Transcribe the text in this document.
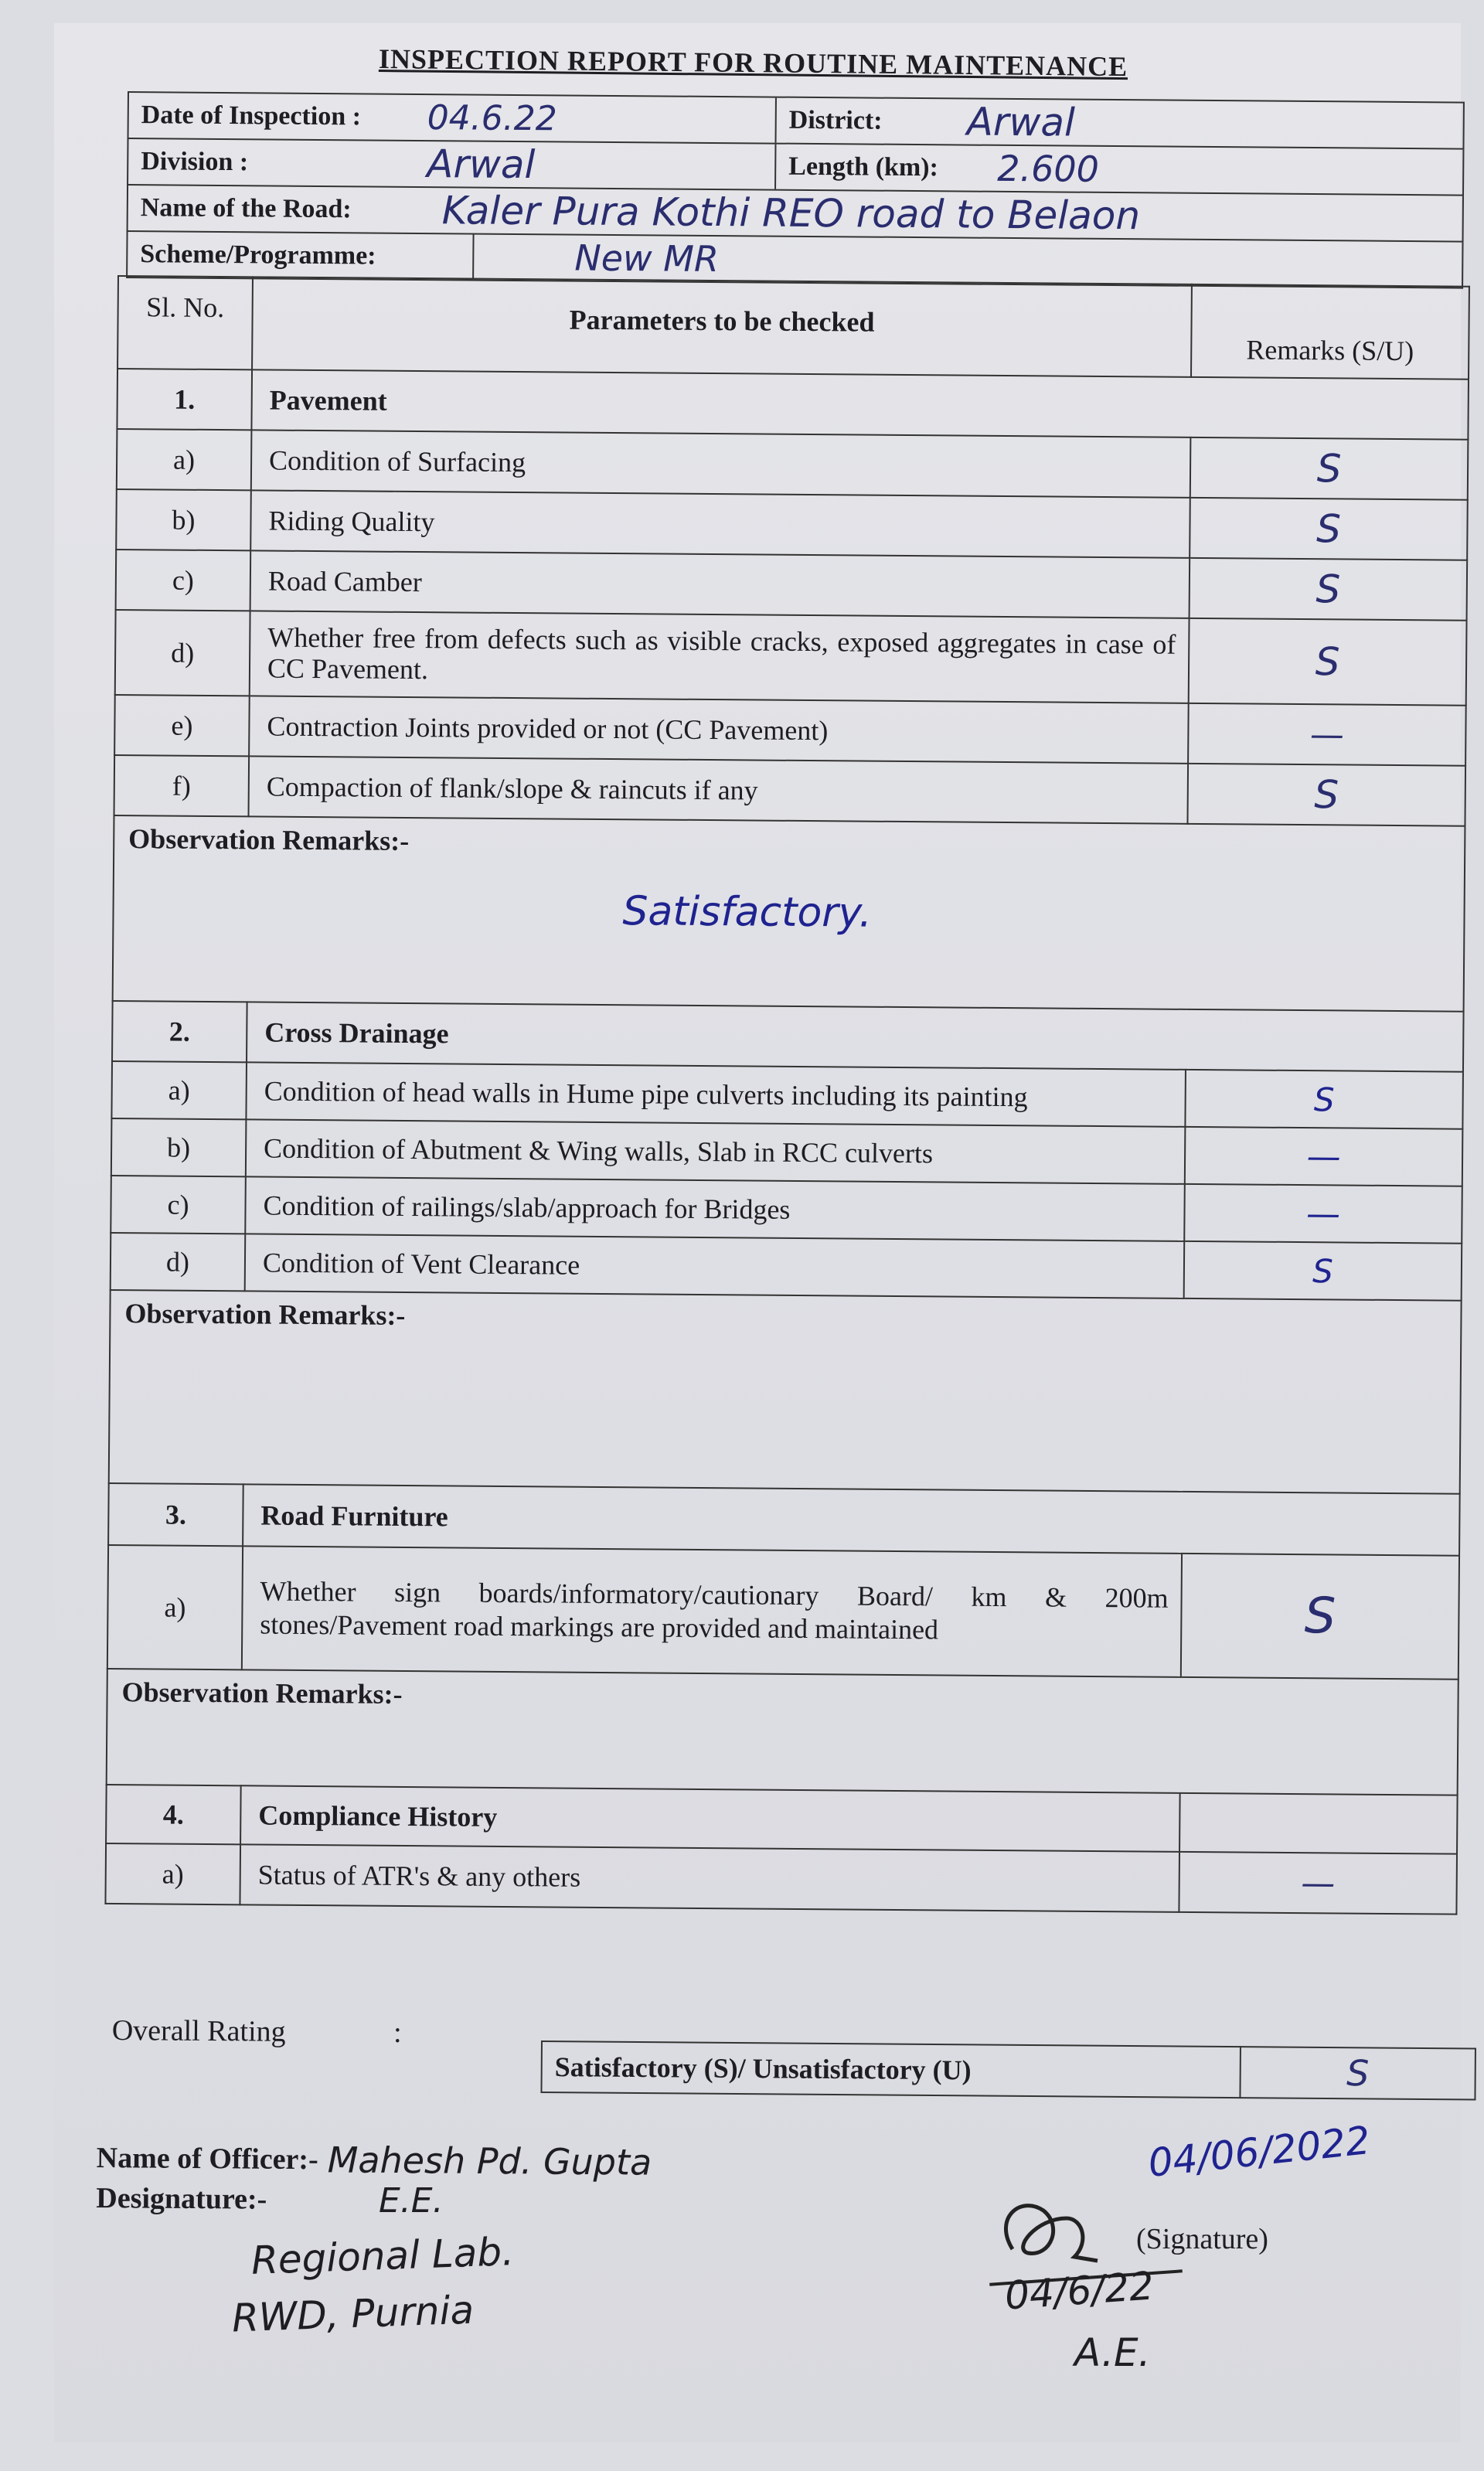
INSPECTION REPORT FOR ROUTINE MAINTENANCE
Date of Inspection :	04.6.22	District:	Arwal
Division :	Arwal	Length (km):	2.600
Name of the Road:	Kaler Pura Kothi REO road to Belaon
Scheme/Programme:	New MR
Sl. No.	Parameters to be checked	Remarks (S/U)
1.	Pavement	
a)	Condition of Surfacing	S
b)	Riding Quality	S
c)	Road Camber	S
d)	Whether free from defects such as visible cracks, exposed aggregates in case of CC Pavement.	S
e)	Contraction Joints provided or not (CC Pavement)	—
f)	Compaction of flank/slope & raincuts if any	S

Observation Remarks:-
Satisfactory.		

2.	Cross Drainage	
a)	Condition of head walls in Hume pipe culverts including its painting	S
b)	Condition of Abutment & Wing walls, Slab in RCC culverts	—
c)	Condition of railings/slab/approach for Bridges	—
d)	Condition of Vent Clearance	S

Observation Remarks:-		

3.	Road Furniture	
a)	Whether sign boards/informatory/cautionary Board/ km & 200m stones/Pavement road markings are provided and maintained	S

Observation Remarks:-		

4.	Compliance History	
a)	Status of ATR's & any others	—
Overall Rating	:
Satisfactory (S)/ Unsatisfactory (U)	S
Name of Officer:- Mahesh Pd. Gupta
Designature:-	E.E.
Regional Lab.
RWD, Purnia
04/06/2022
(Signature)
04/6/22
A.E.
